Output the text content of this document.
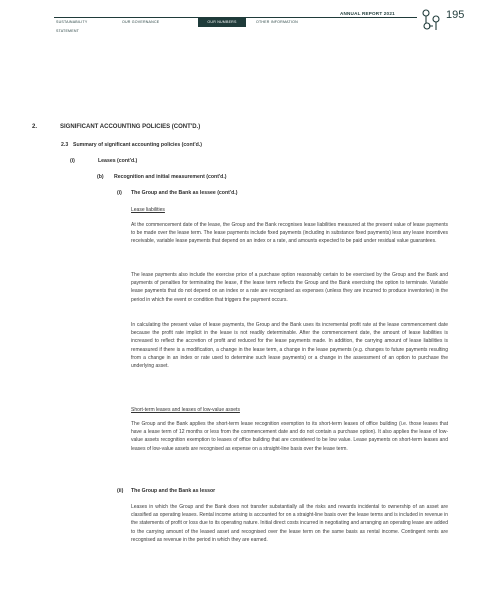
ANNUAL REPORT 2021
SUSTAINABILITY STATEMENT
OUR GOVERNANCE	OUR NUMBERS	OTHER INFORMATION
195
2.	SIGNIFICANT ACCOUNTING POLICIES (CONT'D.)
2.3 Summary of significant accounting policies (cont'd.)
(i)	Leases (cont'd.)
(b) Recognition and initial measurement (cont'd.)
(i) The Group and the Bank as lessee (cont'd.)
Lease liabilities
At the commencement date of the lease, the Group and the Bank recognises lease liabilities measured at the present value of lease payments to be made over the lease term. The lease payments include fixed payments (including in substance fixed payments) less any lease incentives receivable, variable lease payments that depend on an index or a rate, and amounts expected to be paid under residual value guarantees.
The lease payments also include the exercise price of a purchase option reasonably certain to be exercised by the Group and the Bank and payments of penalties for terminating the lease, if the lease term reflects the Group and the Bank exercising the option to terminate. Variable lease payments that do not depend on an index or a rate are recognised as expenses (unless they are incurred to produce inventories) in the period in which the event or condition that triggers the payment occurs.
In calculating the present value of lease payments, the Group and the Bank uses its incremental profit rate at the lease commencement date because the profit rate implicit in the lease is not readily determinable. After the commencement date, the amount of lease liabilities is increased to reflect the accretion of profit and reduced for the lease payments made. In addition, the carrying amount of lease liabilities is remeasured if there is a modification, a change in the lease term, a change in the lease payments (e.g. changes to future payments resulting from a change in an index or rate used to determine such lease payments) or a change in the assessment of an option to purchase the underlying asset.
Short-term leases and leases of low-value assets
The Group and the Bank applies the short-term lease recognition exemption to its short-term leases of office building (i.e. those leases that have a lease term of 12 months or less from the commencement date and do not contain a purchase option). It also applies the lease of low-value assets recognition exemption to leases of office building that are considered to be low value. Lease payments on short-term leases and leases of low-value assets are recognised as expense on a straight-line basis over the lease term.
(ii) The Group and the Bank as lessor
Leases in which the Group and the Bank does not transfer substantially all the risks and rewards incidental to ownership of an asset are classified as operating leases. Rental income arising is accounted for on a straight-line basis over the lease terms and is included in revenue in the statements of profit or loss due to its operating nature. Initial direct costs incurred in negotiating and arranging an operating lease are added to the carrying amount of the leased asset and recognised over the lease term on the same basis as rental income. Contingent rents are recognised as revenue in the period in which they are earned.
